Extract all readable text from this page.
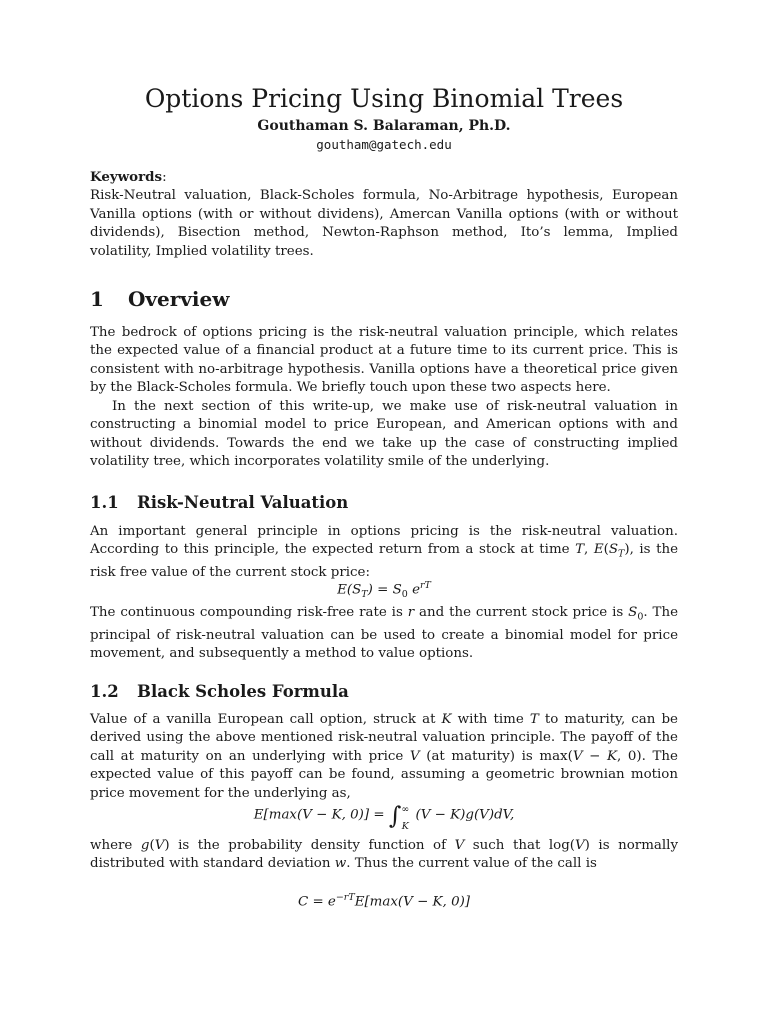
Options Pricing Using Binomial Trees
Gouthaman S. Balaraman, Ph.D.
goutham@gatech.edu
Keywords:
Risk-Neutral valuation, Black-Scholes formula, No-Arbitrage hypothesis, European Vanilla options (with or without dividens), Amercan Vanilla options (with or without dividends), Bisection method, Newton-Raphson method, Ito’s lemma, Implied volatility, Implied volatility trees.
1 Overview

The bedrock of options pricing is the risk-neutral valuation principle, which relates the expected value of a financial product at a future time to its current price. This is consistent with no-arbitrage hypothesis. Vanilla options have a theoretical price given by the Black-Scholes formula. We briefly touch upon these two aspects here.

In the next section of this write-up, we make use of risk-neutral valuation in constructing a binomial model to price European, and American options with and without dividends. Towards the end we take up the case of constructing implied volatility tree, which incorporates volatility smile of the underlying.

1.1 Risk-Neutral Valuation

An important general principle in options pricing is the risk-neutral valuation. According to this principle, the expected return from a stock at time T, $E(S_T)$, is the risk free value of the current stock price:

$E(S_T) = S_0$ $e^{rT}$

The continuous compounding risk-free rate is r and the current stock price is $S_0$. The principal of risk-neutral valuation can be used to create a binomial model for price movement, and subsequently a method to value options.

1.2 Black Scholes Formula

Value of a vanilla European call option, struck at K with time T to maturity, can be derived using the above mentioned risk-neutral valuation principle. The payoff of the call at maturity on an underlying with price V (at maturity) is max(V − K, 0). The expected value of this payoff can be found, assuming a geometric brownian motion price movement for the underlying as,

E[max(V − K, 0)] = ∫ ∞
K
(V − K)g(V)dV,

where g(V) is the probability density function of V such that log(V) is normally distributed with standard deviation w. Thus the current value of the call is

$C = e^{-rT}E[\max(V - K$, 0)]
